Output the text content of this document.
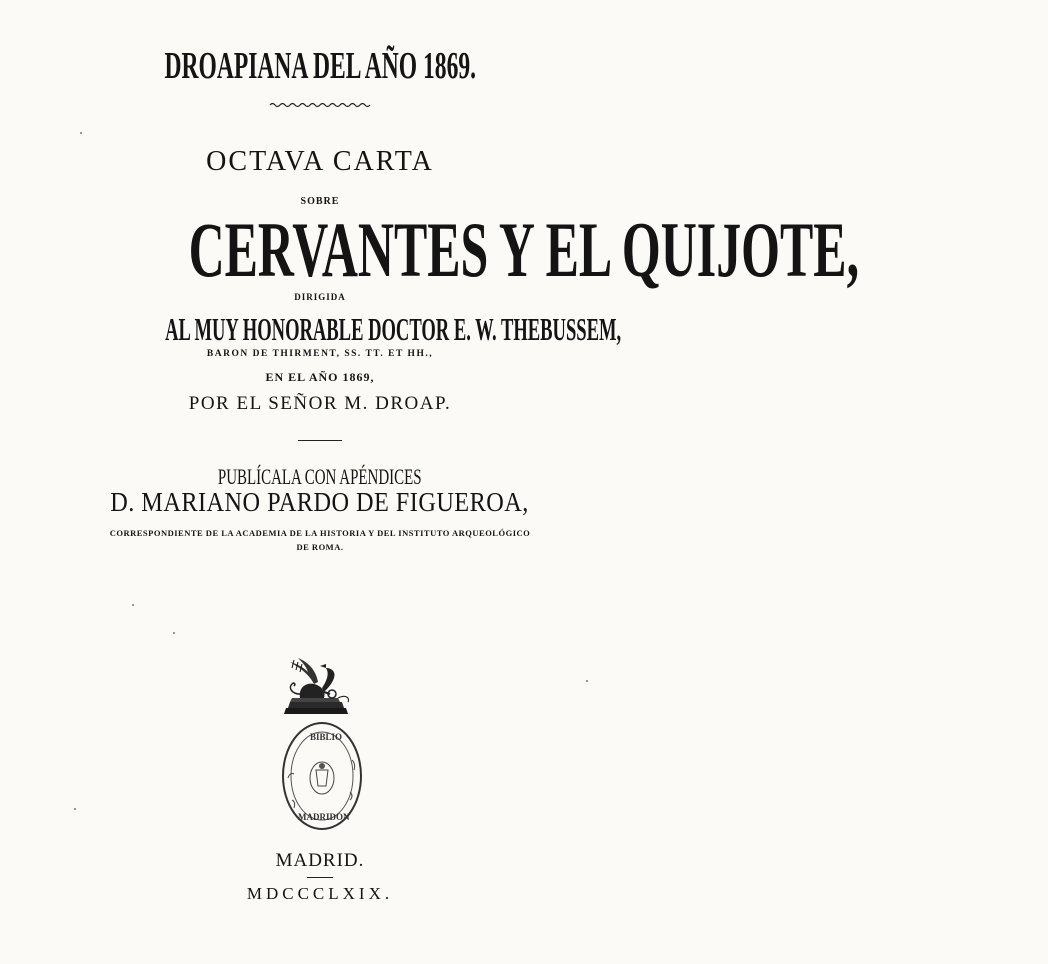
DROAPIANA DEL AÑO 1869.
OCTAVA CARTA
SOBRE
CERVANTES Y EL QUIJOTE,
DIRIGIDA
AL MUY HONORABLE DOCTOR E. W. THEBUSSEM,
BARON DE THIRMENT, SS. TT. ET HH.,
EN EL AÑO 1869,
POR EL SEÑOR M. DROAP.
PUBLÍCALA CON APÉNDICES
D. MARIANO PARDO DE FIGUEROA,
CORRESPONDIENTE DE LA ACADEMIA DE LA HISTORIA Y DEL INSTITUTO ARQUEOLÓGICO
DE ROMA.
BIBLIO
MADRIDON
MADRID.
MDCCCLXIX.
